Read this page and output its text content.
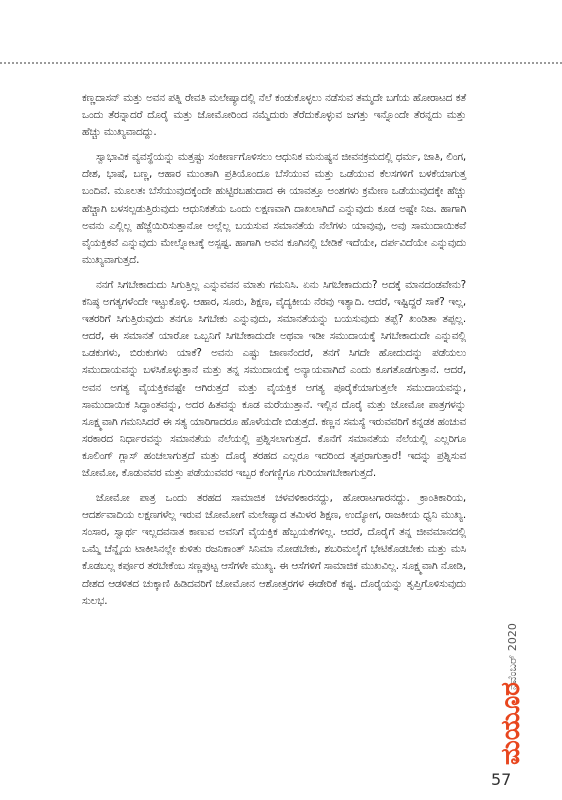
ಕಣ್ಣದಾಸನ್ ಮತ್ತು ಅವನ ಪತ್ನಿ ರೇವತಿ ಮಲೇಷ್ಯಾದಲ್ಲಿ ನೆಲೆ ಕಂಡುಕೊಳ್ಳಲು ನಡೆಸುವ ತಮ್ಮದೇ ಬಗೆಯ ಹೋರಾಟದ ಕತೆ ಒಂದು ತೆರನ್ನಾದರೆ ದೊರೈ ಮತ್ತು ಜೋಮೋರಿಂದ ನಮ್ಮೆದುರು ತೆರೆದುಕೊಳ್ಳುವ ಜಗತ್ತು ಇನ್ನೊಂದೇ ತೆರನ್ನದು ಮತ್ತು ಹೆಚ್ಚು ಮುಖ್ಯವಾದದ್ದು.

ಸ್ವಾಭಾವಿಕ ವ್ಯವಸ್ಥೆಯನ್ನು ಮತ್ತಷ್ಟು ಸಂಕೀರ್ಣಗೊಳಿಸಲು ಆಧುನಿಕ ಮನುಷ್ಯನ ಜೀವನಕ್ರಮದಲ್ಲಿ ಧರ್ಮ, ಜಾತಿ, ಲಿಂಗ, ದೇಶ, ಭಾಷೆ, ಬಣ್ಣ, ಆಹಾರ ಮುಂತಾಗಿ ಪ್ರತಿಯೊಂದೂ ಬೆಸೆಯುವ ಮತ್ತು ಒಡೆಯುವ ಕೆಲಸಗಳಿಗೆ ಬಳಕೆಯಾಗುತ್ತ ಬಂದಿವೆ. ಮೂಲತಃ ಬೆಸೆಯುವುದಕ್ಕೆಂದೇ ಹುಟ್ಟಿರಬಹುದಾದ ಈ ಯಾವತ್ತೂ ಅಂಶಗಳು ಕ್ರಮೇಣ ಒಡೆಯುವುದಕ್ಕೇ ಹೆಚ್ಚು ಹೆಚ್ಚಾಗಿ ಬಳಸಲ್ಪಡುತ್ತಿರುವುದು ಆಧುನಿಕತೆಯ ಒಂದು ಲಕ್ಷಣವಾಗಿ ದಾಖಲಾಗಿದೆ ಎನ್ನುವುದು ಕೂಡ ಅಷ್ಟೇ ನಿಜ. ಹಾಗಾಗಿ ಅವನು ಎಲ್ಲಿಲ್ಲ ಹೆಜ್ಜೆಯಿರಿಸುತ್ತಾನೋ ಅಲ್ಲೆಲ್ಲ ಬಯಸುವ ಸಮಾನತೆಯ ನೆಲೆಗಳು ಯಾವುವು, ಅವು ಸಾಮುದಾಯಿಕವೆ ವೈಯಕ್ತಿಕವೆ ಎನ್ನುವುದು ಮೇಲ್ನೋಟಕ್ಕೆ ಅಸ್ಪಷ್ಟ. ಹಾಗಾಗಿ ಅವನ ಕೂಗಿನಲ್ಲಿ ಬೇಡಿಕೆ ಇದೆಯೇ, ದರ್ಪವಿದೆಯೇ ಎನ್ನುವುದು ಮುಖ್ಯವಾಗುತ್ತದೆ.

ನನಗೆ ಸಿಗಬೇಕಾದುದು ಸಿಗುತ್ತಿಲ್ಲ ಎನ್ನುವವನ ಮಾತು ಗಮನಿಸಿ. ಏನು ಸಿಗಬೇಕಾದುದು? ಅದಕ್ಕೆ ಮಾನದಂಡವೇನು? ಕನಿಷ್ಠ ಅಗತ್ಯಗಳೆಂದೇ ಇಟ್ಟುಕೊಳ್ಳಿ. ಆಹಾರ, ಸೂರು, ಶಿಕ್ಷಣ, ವೈದ್ಯಕೀಯ ನೆರವು ಇತ್ಯಾದಿ. ಆದರೆ, ಇಷ್ಟಿದ್ದರೆ ಸಾಕೆ? ಇಲ್ಲ, ಇತರರಿಗೆ ಸಿಗುತ್ತಿರುವುದು ತನಗೂ ಸಿಗಬೇಕು ಎನ್ನುವುದು, ಸಮಾನತೆಯನ್ನು ಬಯಸುವುದು ತಪ್ಪೆ? ಖಂಡಿತಾ ತಪ್ಪಲ್ಲ. ಆದರೆ, ಈ ಸಮಾನತೆ ಯಾರೋ ಒಬ್ಬನಿಗೆ ಸಿಗಬೇಕಾದುದೇ ಅಥವಾ ಇಡೀ ಸಮುದಾಯಕ್ಕೆ ಸಿಗಬೇಕಾದುದೇ ಎನ್ನುವಲ್ಲಿ ಒಡಕುಗಳು, ಬಿರುಕುಗಳು ಯಾಕೆ? ಅವನು ಎಷ್ಟು ಜಾಣನೆಂದರೆ, ತನಗೆ ಸಿಗದೇ ಹೋದುದನ್ನು ಪಡೆಯಲು ಸಮುದಾಯವನ್ನು ಬಳಸಿಕೊಳ್ಳುತ್ತಾನೆ ಮತ್ತು ತನ್ನ ಸಮುದಾಯಕ್ಕೆ ಅನ್ಯಾಯವಾಗಿದೆ ಎಂದು ಕೂಗತೊಡಗುತ್ತಾನೆ. ಆದರೆ, ಅವನ ಅಗತ್ಯ ವೈಯಕ್ತಿಕವಷ್ಟೇ ಆಗಿರುತ್ತದೆ ಮತ್ತು ವೈಯಕ್ತಿಕ ಅಗತ್ಯ ಪೂರೈಕೆಯಾಗುತ್ತಲೇ ಸಮುದಾಯವನ್ನು, ಸಾಮುದಾಯಿಕ ಸಿದ್ಧಾಂತವನ್ನು, ಅದರ ಹಿತವನ್ನು ಕೂಡ ಮರೆಯುತ್ತಾನೆ. ಇಲ್ಲಿನ ದೊರೈ ಮತ್ತು ಜೋಮೋ ಪಾತ್ರಗಳನ್ನು ಸೂಕ್ಷ್ಮವಾಗಿ ಗಮನಿಸಿದರೆ ಈ ಸತ್ಯ ಯಾರಿಗಾದರೂ ಹೊಳೆಯದೇ ಬಿಡುತ್ತದೆ. ಕಣ್ಣನ ಸಮಸ್ಯೆ ಇರುವವರಿಗೆ ಕನ್ನಡಕ ಹಂಚುವ ಸರಕಾರದ ನಿರ್ಧಾರವನ್ನು ಸಮಾನತೆಯ ನೆಲೆಯಲ್ಲಿ ಪ್ರಶ್ನಿಸಲಾಗುತ್ತದೆ. ಕೊನೆಗೆ ಸಮಾನತೆಯ ನೆಲೆಯಲ್ಲಿ ಎಲ್ಲರಿಗೂ ಕೂಲಿಂಗ್ ಗ್ಲಾಸ್ ಹಂಚಲಾಗುತ್ತದೆ ಮತ್ತು ದೊರೈ ತರಹದ ಎಲ್ಲರೂ ಇದರಿಂದ ತೃಪ್ತರಾಗುತ್ತಾರೆ! ಇದನ್ನು ಪ್ರಶ್ನಿಸುವ ಜೋಮೋ, ಕೊಡುವವರ ಮತ್ತು ಪಡೆಯುವವರ ಇಬ್ಬರ ಕೆಂಗಣ್ಣಿಗೂ ಗುರಿಯಾಗಬೇಕಾಗುತ್ತದೆ.

ಜೋಮೋ ಪಾತ್ರ ಒಂದು ತರಹದ ಸಾಮಾಜಿಕ ಚಳವಳಿಕಾರನದ್ದು, ಹೋರಾಟಗಾರನದ್ದು. ಕ್ರಾಂತಿಕಾರಿಯ, ಆದರ್ಶವಾದಿಯ ಲಕ್ಷಣಗಳೆಲ್ಲ ಇರುವ ಜೋಮೋಗೆ ಮಲೇಷ್ಯಾದ ತಮಿಳರ ಶಿಕ್ಷಣ, ಉದ್ಯೋಗ, ರಾಜಕೀಯ ಧ್ವನಿ ಮುಖ್ಯ. ಸಂಸಾರ, ಸ್ವಾರ್ಥ ಇಲ್ಲದವನಾತ ಕಾಣುವ ಅವನಿಗೆ ವೈಯಕ್ತಿಕ ಹೆಬ್ಬಯಕೆಗಳಿಲ್ಲ. ಆದರೆ, ದೊರೈಗೆ ತನ್ನ ಜೀವಮಾನದಲ್ಲಿ ಒಮ್ಮೆ ಚೆನ್ನೈಯ ಟಾಕೀಸಿನಲ್ಲೇ ಕುಳಿತು ರಜನಿಕಾಂತ್ ಸಿನಿಮಾ ನೋಡಬೇಕು, ಶಬರಿಮಲೈಗೆ ಭೇಟಿಕೊಡಬೇಕು ಮತ್ತು ಮಸಿ ಕೊಡಬಲ್ಲ ಕರ್ಪೂರ ತರಬೇಕೆಂಬ ಸಣ್ಣಪುಟ್ಟ ಆಸೆಗಳೇ ಮುಖ್ಯ. ಈ ಆಸೆಗಳಿಗೆ ಸಾಮಾಜಿಕ ಮುಖವಿಲ್ಲ. ಸೂಕ್ಷ್ಮವಾಗಿ ನೋಡಿ, ದೇಶದ ಆಡಳಿತದ ಚುಕ್ಕಾಣಿ ಹಿಡಿದವರಿಗೆ ಜೋಮೋನ ಆಶೋತ್ತರಗಳ ಈಡೇರಿಕೆ ಕಷ್ಟ. ದೊರೈಯನ್ನು ತೃಪ್ತಿಗೊಳಿಸುವುದು ಸುಲಭ.

ನವೆಂಬರ್ 2020
ಮಯೂರ
57
